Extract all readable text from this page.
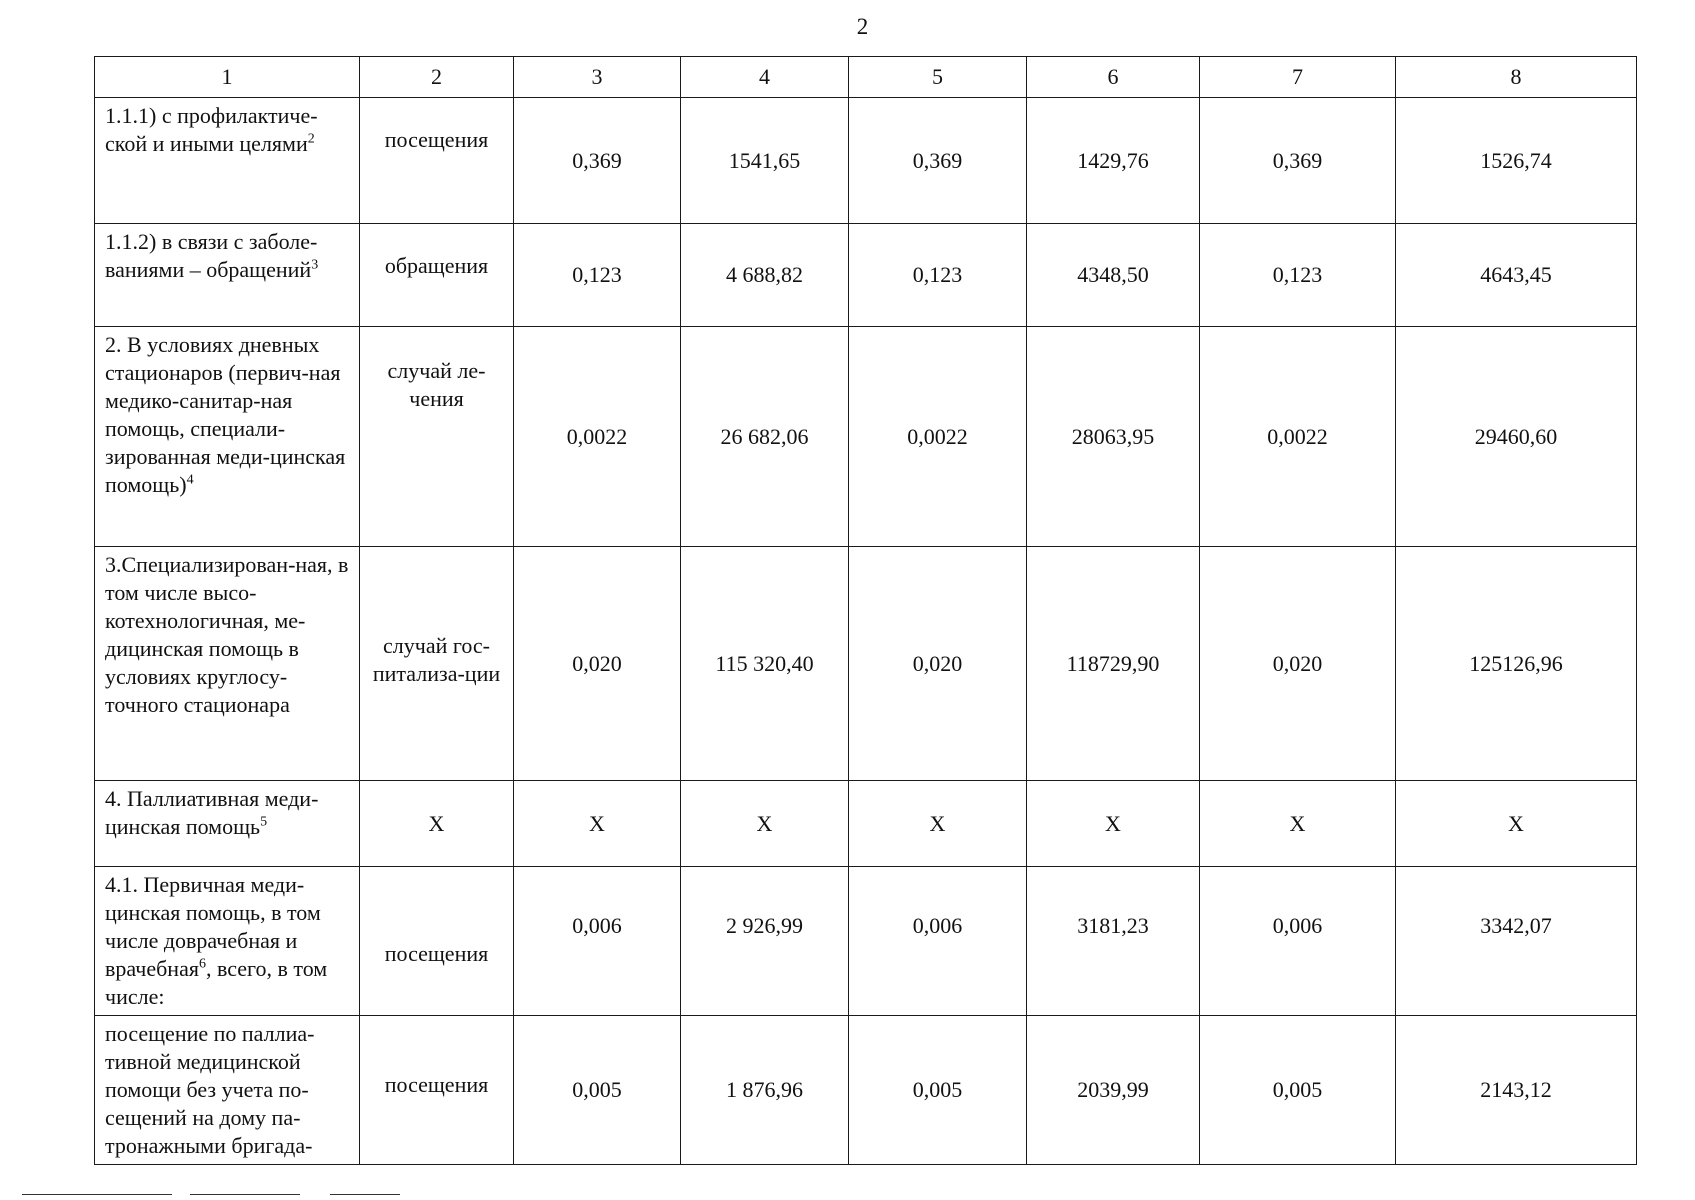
2
1	2	3	4	5	6	7	8
1.1.1) с профилактиче-ской и иными целями$^2$	посещения	0,369	1541,65	0,369	1429,76	0,369	1526,74
1.1.2) в связи с заболе-ваниями – обращений$^3$	обращения	0,123	4 688,82	0,123	4348,50	0,123	4643,45
2. В условиях дневных стационаров (первич-ная медико-санитар-ная помощь, специали-зированная меди-цинская помощь)$^4$	случай ле-чения	0,0022	26 682,06	0,0022	28063,95	0,0022	29460,60
3.Специализирован-ная, в том числе высо-котехнологичная, ме-дицинская помощь в условиях круглосу-точного стационара	случай гос-питализа-ции	0,020	115 320,40	0,020	118729,90	0,020	125126,96
4. Паллиативная меди-цинская помощь$^5$	X	X	X	X	X	X	X
4.1. Первичная меди-цинская помощь, в том числе доврачебная и врачебная$^6$, всего, в том числе:	посещения	0,006	2 926,99	0,006	3181,23	0,006	3342,07
посещение по паллиа-тивной медицинской помощи без учета по-сещений на дому па-тронажными бригада-	посещения	0,005	1 876,96	0,005	2039,99	0,005	2143,12
